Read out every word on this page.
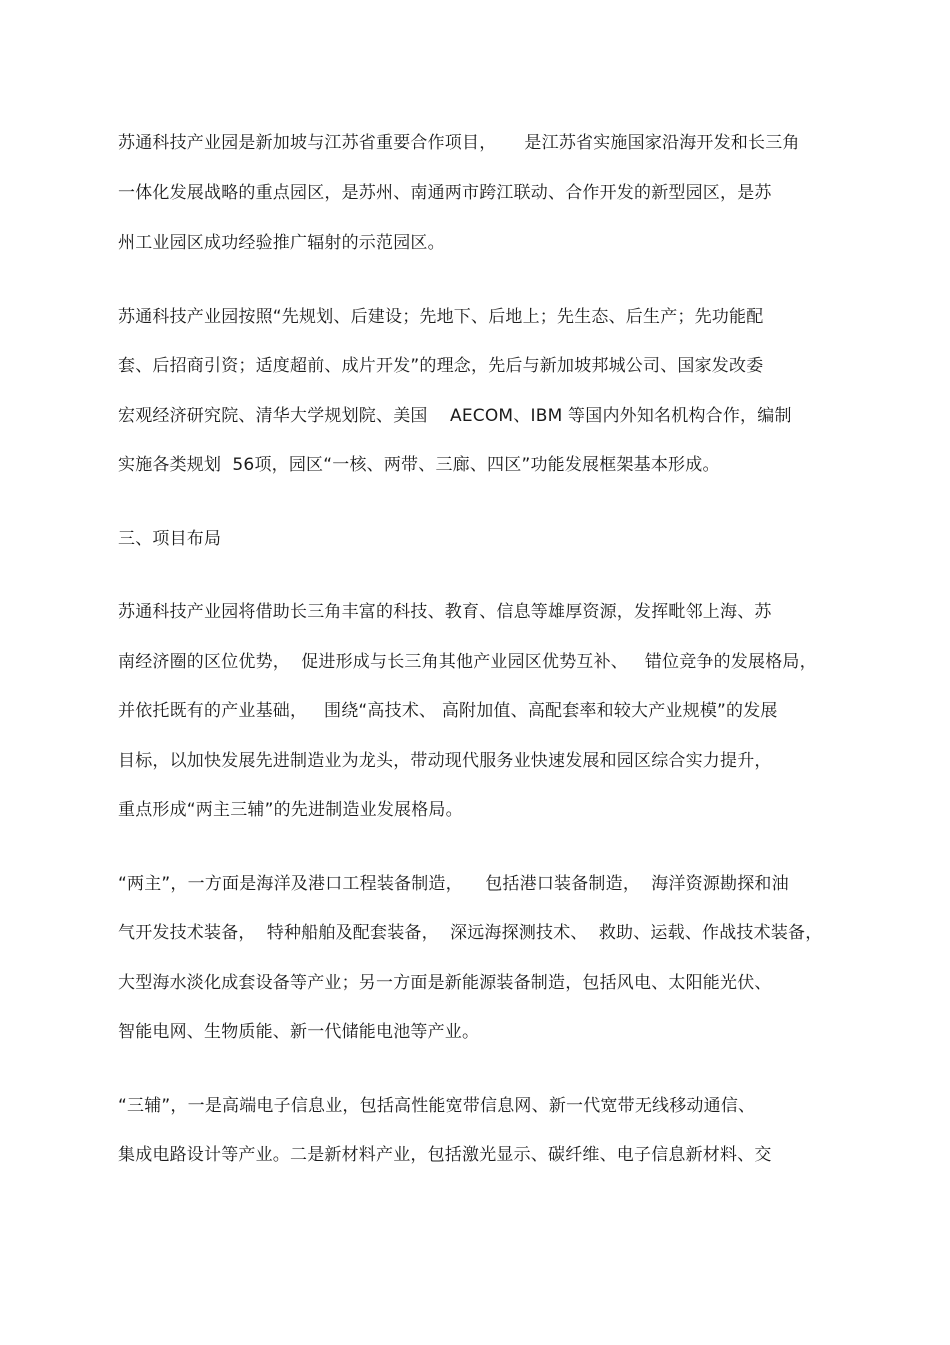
苏通科技产业园是新加坡与江苏省重要合作项目，     是江苏省实施国家沿海开发和长三角
一体化发展战略的重点园区，是苏州、南通两市跨江联动、合作开发的新型园区，是苏
州工业园区成功经验推广辐射的示范园区。
苏通科技产业园按照“先规划、后建设；先地下、后地上；先生态、后生产；先功能配
套、后招商引资；适度超前、成片开发”的理念，先后与新加坡邦城公司、国家发改委
宏观经济研究院、清华大学规划院、美国    AECOM、IBM 等国内外知名机构合作，编制
实施各类规划  56项，园区“一核、两带、三廊、四区”功能发展框架基本形成。
三、项目布局
苏通科技产业园将借助长三角丰富的科技、教育、信息等雄厚资源，发挥毗邻上海、苏
南经济圈的区位优势，  促进形成与长三角其他产业园区优势互补、   错位竞争的发展格局，
并依托既有的产业基础，   围绕“高技术、 高附加值、高配套率和较大产业规模”的发展
目标，以加快发展先进制造业为龙头，带动现代服务业快速发展和园区综合实力提升，
重点形成“两主三辅”的先进制造业发展格局。
“两主”，一方面是海洋及港口工程装备制造，    包括港口装备制造，  海洋资源勘探和油
气开发技术装备，  特种船舶及配套装备，  深远海探测技术、  救助、运载、作战技术装备，
大型海水淡化成套设备等产业；另一方面是新能源装备制造，包括风电、太阳能光伏、
智能电网、生物质能、新一代储能电池等产业。
“三辅”，一是高端电子信息业，包括高性能宽带信息网、新一代宽带无线移动通信、
集成电路设计等产业。二是新材料产业，包括激光显示、碳纤维、电子信息新材料、交
